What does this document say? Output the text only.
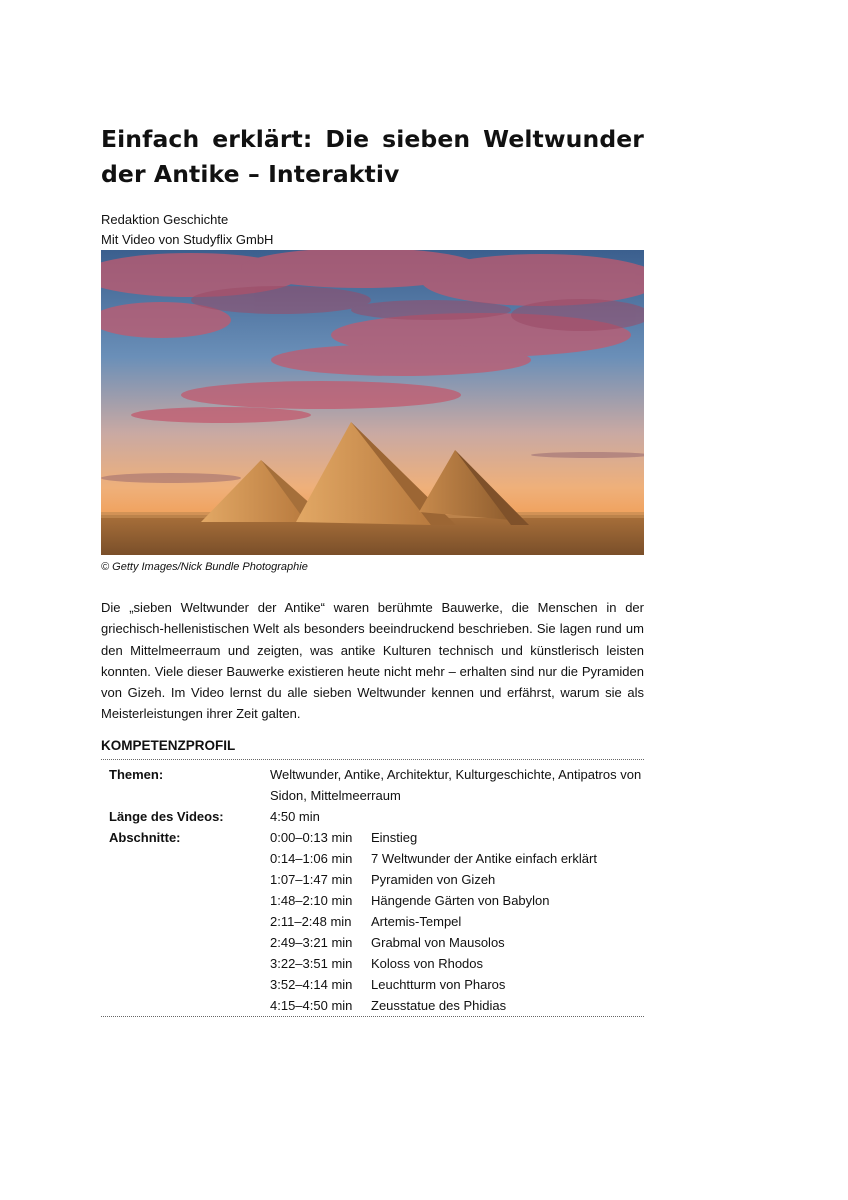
Einfach erklärt: Die sieben Weltwunder der Antike – Interaktiv
Redaktion Geschichte
Mit Video von Studyflix GmbH
© Getty Images/Nick Bundle Photographie

Die „sieben Weltwunder der Antike“ waren berühmte Bauwerke, die Menschen in der griechisch-hellenistischen Welt als besonders beeindruckend beschrieben. Sie lagen rund um den Mittelmeerraum und zeigten, was antike Kulturen technisch und künstlerisch leisten konnten. Viele dieser Bauwerke existieren heute nicht mehr – erhalten sind nur die Pyramiden von Gizeh. Im Video lernst du alle sieben Weltwunder kennen und erfährst, warum sie als Meisterleistungen ihrer Zeit galten.

KOMPETENZPROFIL
Themen:	Weltwunder, Antike, Architektur, Kulturgeschichte, Antipatros von Sidon, Mittelmeerraum
Länge des Videos:	4:50 min
Abschnitte:	0:00–0:13 min	Einstieg
0:14–1:06 min	7 Weltwunder der Antike einfach erklärt
1:07–1:47 min	Pyramiden von Gizeh
1:48–2:10 min	Hängende Gärten von Babylon
2:11–2:48 min	Artemis-Tempel
2:49–3:21 min	Grabmal von Mausolos
3:22–3:51 min	Koloss von Rhodos
3:52–4:14 min	Leuchtturm von Pharos
4:15–4:50 min	Zeusstatue des Phidias
